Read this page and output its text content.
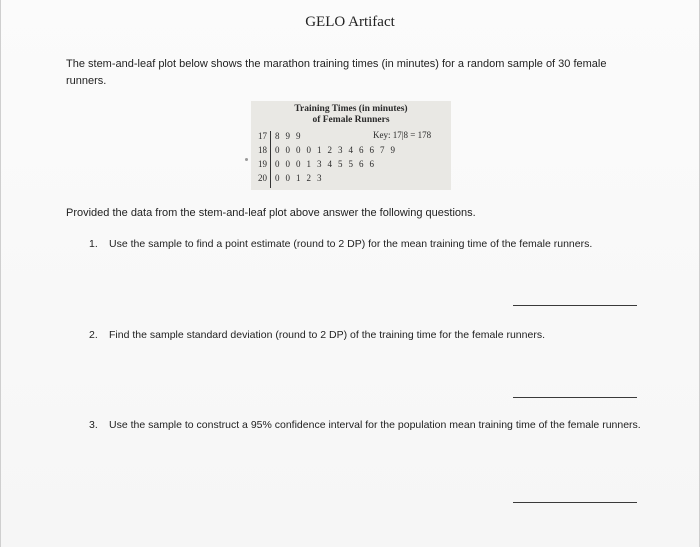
GELO Artifact
The stem-and-leaf plot below shows the marathon training times (in minutes) for a random sample of 30 female runners.
Training Times (in minutes)
of Female Runners
Key: 17|8 = 178
17
18
19
20
8 9 9
0 0 0 0 1 2 3 4 6 6 7 9
0 0 0 1 3 4 5 5 6 6
0 0 1 2 3
Provided the data from the stem-and-leaf plot above answer the following questions.
1. Use the sample to find a point estimate (round to 2 DP) for the mean training time of the female runners.
2. Find the sample standard deviation (round to 2 DP) of the training time for the female runners.
3. Use the sample to construct a 95% confidence interval for the population mean training time of the female runners.
